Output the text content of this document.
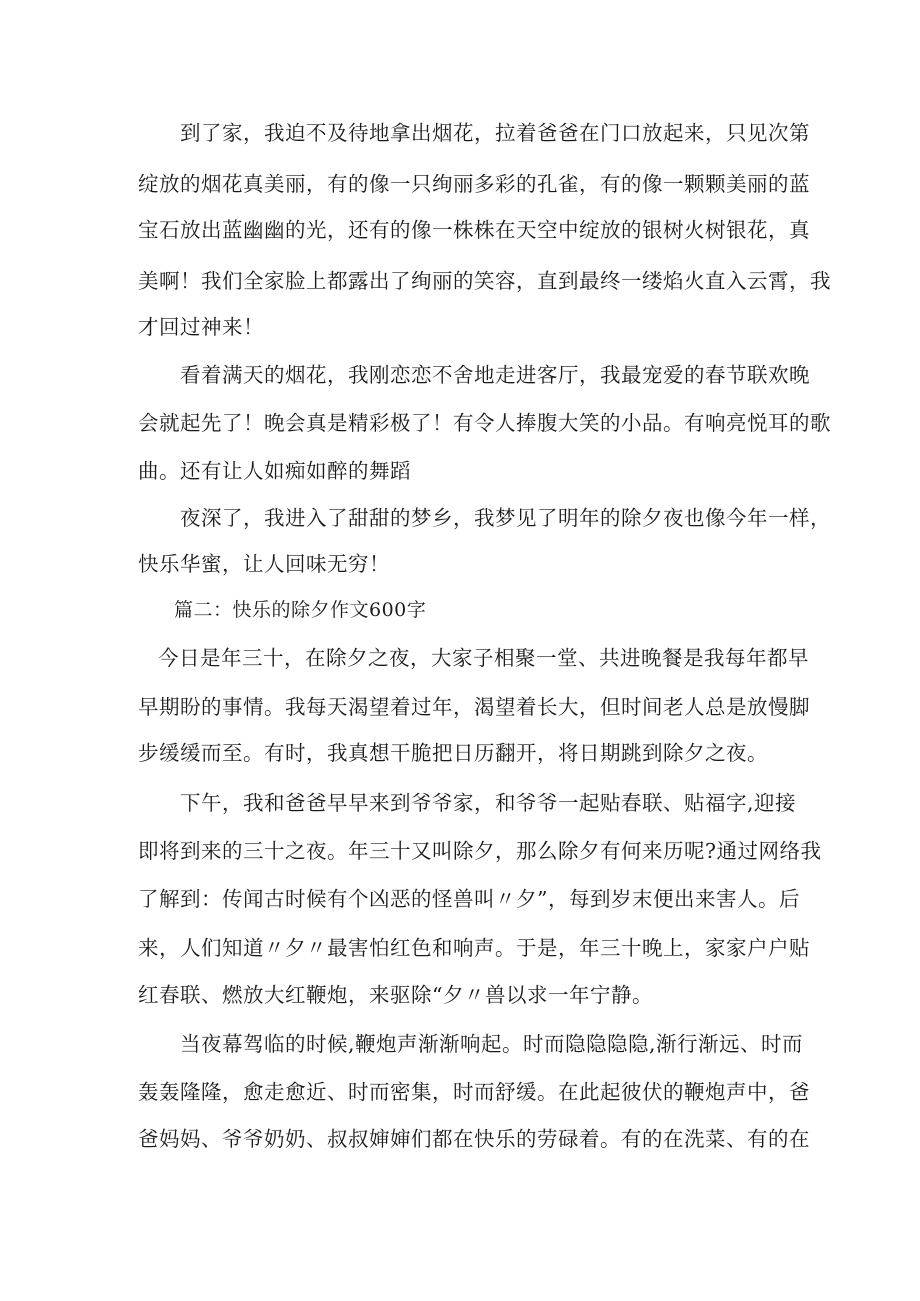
到了家，我迫不及待地拿出烟花，拉着爸爸在门口放起来，只见次第
绽放的烟花真美丽，有的像一只绚丽多彩的孔雀，有的像一颗颗美丽的蓝
宝石放出蓝幽幽的光，还有的像一株株在天空中绽放的银树火树银花，真
美啊！我们全家脸上都露出了绚丽的笑容，直到最终一缕焰火直入云霄，我
才回过神来！
看着满天的烟花，我刚恋恋不舍地走进客厅，我最宠爱的春节联欢晚
会就起先了！晚会真是精彩极了！有令人捧腹大笑的小品。有响亮悦耳的歌
曲。还有让人如痴如醉的舞蹈
夜深了，我进入了甜甜的梦乡，我梦见了明年的除夕夜也像今年一样，
快乐华蜜，让人回味无穷！
篇二：快乐的除夕作文600字
今日是年三十，在除夕之夜，大家子相聚一堂、共进晚餐是我每年都早
早期盼的事情。我每天渴望着过年，渴望着长大，但时间老人总是放慢脚
步缓缓而至。有时，我真想干脆把日历翻开，将日期跳到除夕之夜。
下午，我和爸爸早早来到爷爷家，和爷爷一起贴春联、贴福字,迎接
即将到来的三十之夜。年三十又叫除夕，那么除夕有何来历呢?通过网络我
了解到：传闻古时候有个凶恶的怪兽叫〃夕”，每到岁末便出来害人。后
来，人们知道〃夕〃最害怕红色和响声。于是，年三十晚上，家家户户贴
红春联、燃放大红鞭炮，来驱除“夕〃兽以求一年宁静。
当夜幕驾临的时候,鞭炮声渐渐响起。时而隐隐隐隐,渐行渐远、时而
轰轰隆隆，愈走愈近、时而密集，时而舒缓。在此起彼伏的鞭炮声中，爸
爸妈妈、爷爷奶奶、叔叔婶婶们都在快乐的劳碌着。有的在洗菜、有的在
